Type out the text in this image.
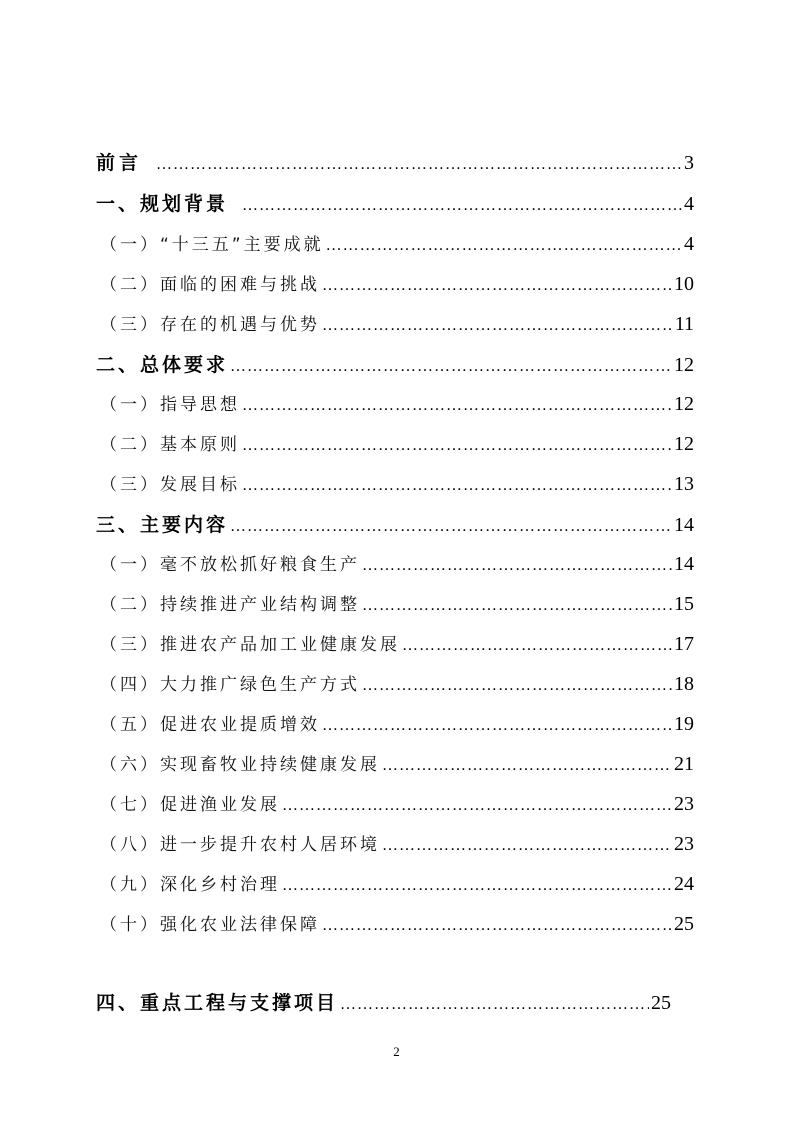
前言 …………………………………………………………………………………………………………………………………………………………………………	3
一、规划背景 …………………………………………………………………………………………………………………………………………………………………………	4
（一）“十三五”主要成就 …………………………………………………………………………………………………………………………………………………………………………	4
（二）面临的困难与挑战 …………………………………………………………………………………………………………………………………………………………………………	10
（三）存在的机遇与优势 …………………………………………………………………………………………………………………………………………………………………………	11
二、总体要求 …………………………………………………………………………………………………………………………………………………………………………	12
（一）指导思想 …………………………………………………………………………………………………………………………………………………………………………	12
（二）基本原则 …………………………………………………………………………………………………………………………………………………………………………	12
（三）发展目标 …………………………………………………………………………………………………………………………………………………………………………	13
三、主要内容 …………………………………………………………………………………………………………………………………………………………………………	14
（一）毫不放松抓好粮食生产 …………………………………………………………………………………………………………………………………………………………………………	14
（二）持续推进产业结构调整 …………………………………………………………………………………………………………………………………………………………………………	15
（三）推进农产品加工业健康发展 …………………………………………………………………………………………………………………………………………………………………………	17
（四）大力推广绿色生产方式 …………………………………………………………………………………………………………………………………………………………………………	18
（五）促进农业提质增效 …………………………………………………………………………………………………………………………………………………………………………	19
（六）实现畜牧业持续健康发展 …………………………………………………………………………………………………………………………………………………………………………	21
（七）促进渔业发展 …………………………………………………………………………………………………………………………………………………………………………	23
（八）进一步提升农村人居环境 …………………………………………………………………………………………………………………………………………………………………………	23
（九）深化乡村治理 …………………………………………………………………………………………………………………………………………………………………………	24
（十）强化农业法律保障 …………………………………………………………………………………………………………………………………………………………………………	25
四、重点工程与支撑项目 …………………………………………………………………………………………………………………………………………………………………………	25
2
